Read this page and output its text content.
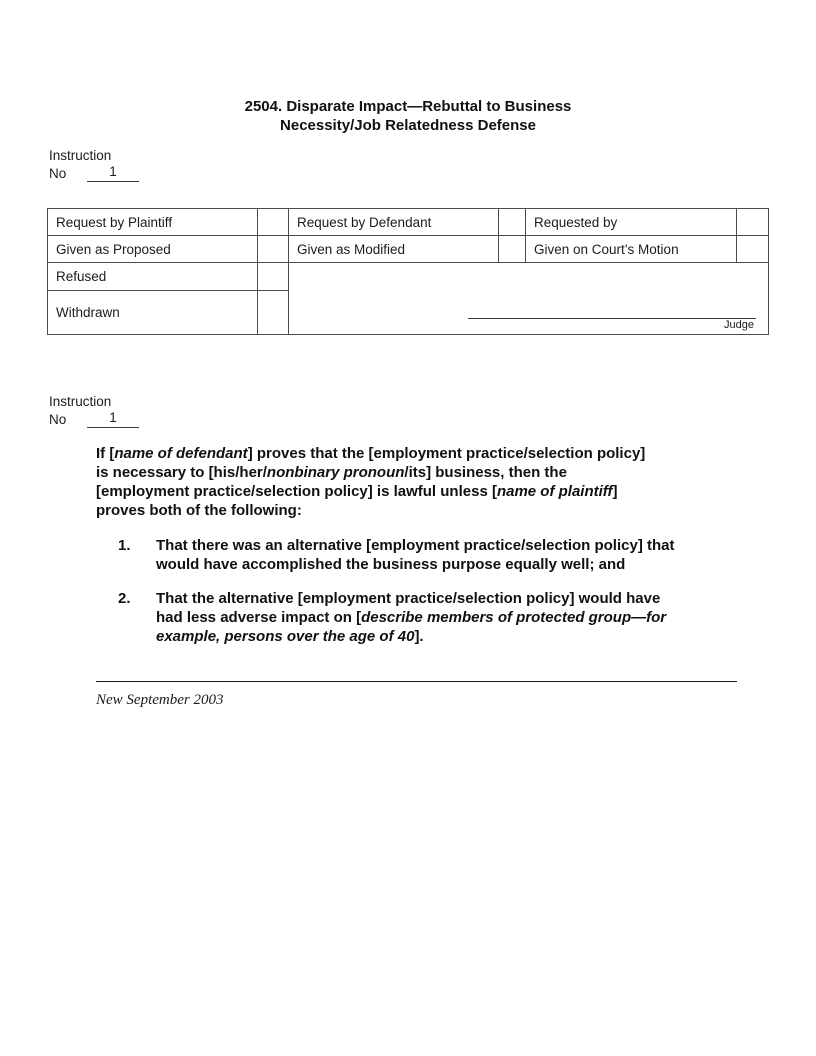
2504. Disparate Impact—Rebuttal to Business
Necessity/Job Relatedness Defense
Instruction
No	1
Request by Plaintiff		Request by Defendant		Requested by	
Given as Proposed		Given as Modified		Given on Court’s Motion	
Refused		Judge			

Withdrawn					
Instruction
No	1
If [name of defendant] proves that the [employment practice/selection policy]
is necessary to [his/her/nonbinary pronoun/its] business, then the
[employment practice/selection policy] is lawful unless [name of plaintiff]
proves both of the following:
1.	That there was an alternative [employment practice/selection policy] that
would have accomplished the business purpose equally well; and
2.	That the alternative [employment practice/selection policy] would have
had less adverse impact on [describe members of protected group—for
example, persons over the age of 40].
New September 2003
